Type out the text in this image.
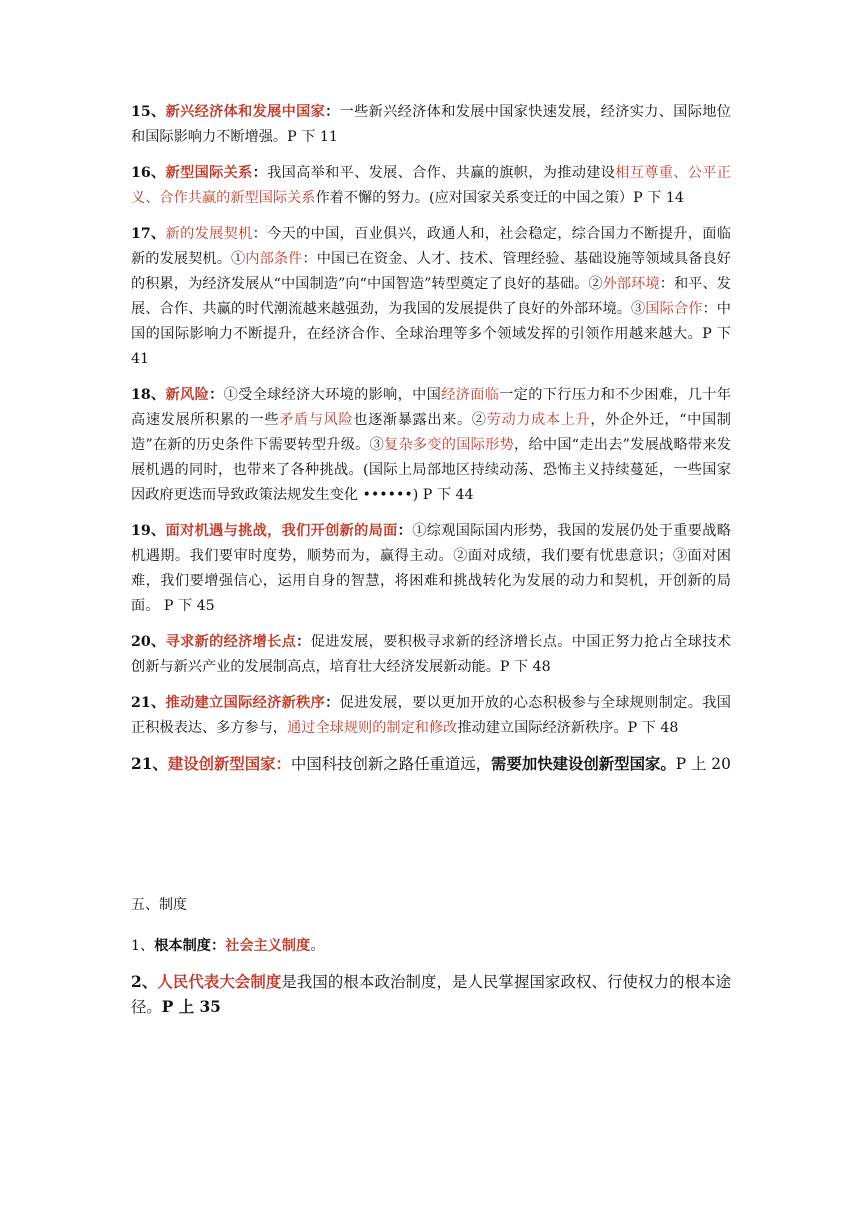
15、新兴经济体和发展中国家：一些新兴经济体和发展中国家快速发展，经济实力、国际地位和国际影响力不断增强。P 下 11

16、新型国际关系：我国高举和平、发展、合作、共赢的旗帜，为推动建设相互尊重、公平正义、合作共赢的新型国际关系作着不懈的努力。(应对国家关系变迁的中国之策）P 下 14

17、新的发展契机：今天的中国，百业俱兴，政通人和，社会稳定，综合国力不断提升，面临新的发展契机。①内部条件：中国已在资金、人才、技术、管理经验、基础设施等领域具备良好的积累，为经济发展从“中国制造”向“中国智造”转型奠定了良好的基础。②外部环境：和平、发展、合作、共赢的时代潮流越来越强劲，为我国的发展提供了良好的外部环境。③国际合作：中国的国际影响力不断提升，在经济合作、全球治理等多个领域发挥的引领作用越来越大。P 下 41

18、新风险：①受全球经济大环境的影响，中国经济面临一定的下行压力和不少困难，几十年高速发展所积累的一些矛盾与风险也逐渐暴露出来。②劳动力成本上升，外企外迁，“中国制造”在新的历史条件下需要转型升级。③复杂多变的国际形势，给中国“走出去”发展战略带来发展机遇的同时，也带来了各种挑战。(国际上局部地区持续动荡、恐怖主义持续蔓延，一些国家因政府更迭而导致政策法规发生变化 ••••••) P 下 44

19、面对机遇与挑战，我们开创新的局面：①综观国际国内形势，我国的发展仍处于重要战略机遇期。我们要审时度势，顺势而为，赢得主动。②面对成绩，我们要有忧患意识；③面对困难，我们要增强信心，运用自身的智慧，将困难和挑战转化为发展的动力和契机，开创新的局面。 P 下 45

20、寻求新的经济增长点：促进发展，要积极寻求新的经济增长点。中国正努力抢占全球技术创新与新兴产业的发展制高点，培育壮大经济发展新动能。P 下 48

21、推动建立国际经济新秩序：促进发展，要以更加开放的心态积极参与全球规则制定。我国正积极表达、多方参与，通过全球规则的制定和修改推动建立国际经济新秩序。P 下 48

21、建设创新型国家：中国科技创新之路任重道远，需要加快建设创新型国家。P 上 20

五、制度

1、根本制度：社会主义制度。

2、人民代表大会制度是我国的根本政治制度，是人民掌握国家政权、行使权力的根本途径。P 上 35
